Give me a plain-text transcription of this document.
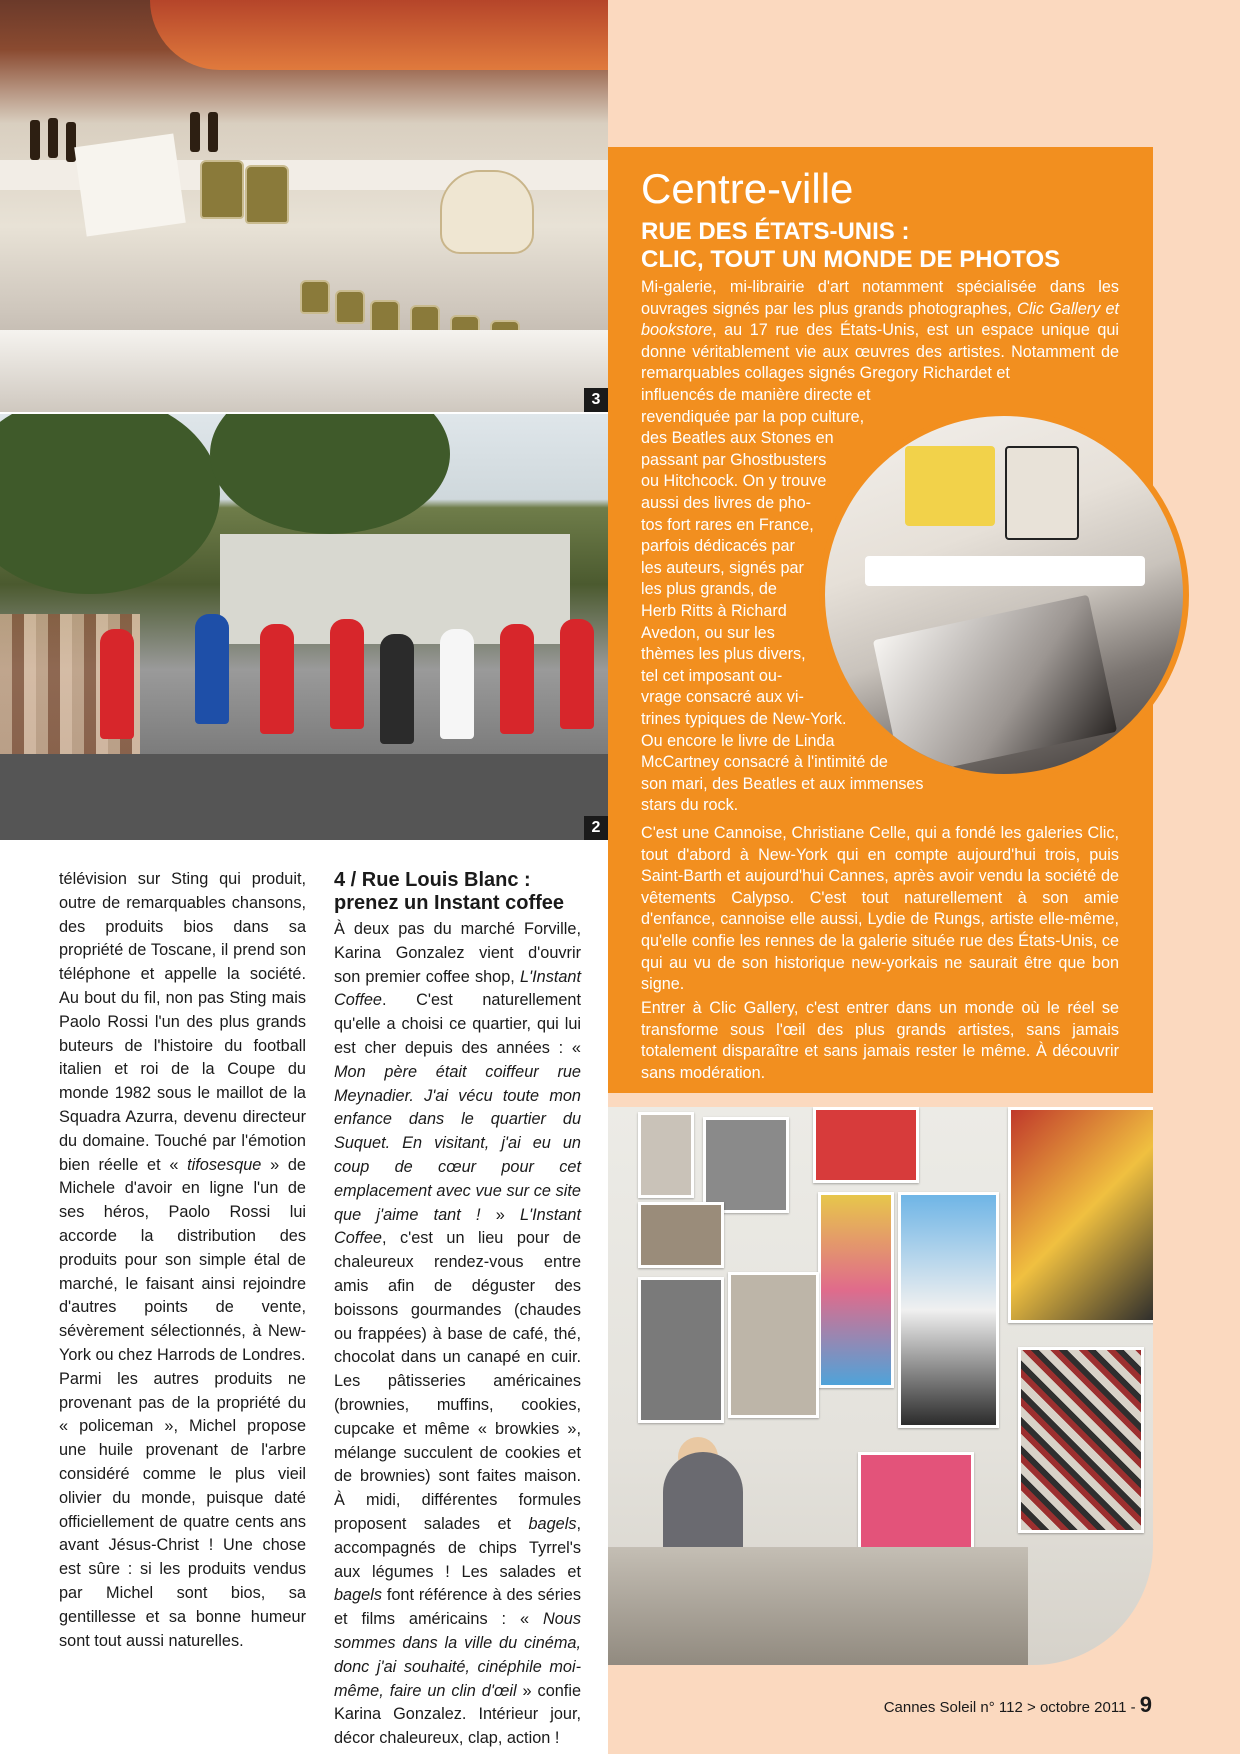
3
2
Centre-ville
RUE DES ÉTATS-UNIS :
CLIC, TOUT UN MONDE DE PHOTOS

Mi-galerie, mi-librairie d'art notamment spécialisée dans les ouvrages signés par les plus grands photographes, Clic Gallery et bookstore, au 17 rue des États-Unis, est un espace unique qui donne véritablement vie aux œuvres des artistes. Notamment de remarquables collages signés Gregory Richardet et

influencés de manière directe et
revendiquée par la pop culture,
des Beatles aux Stones en
passant par Ghostbusters
ou Hitchcock. On y trouve
aussi des livres de pho-
tos fort rares en France,
parfois dédicacés par
les auteurs, signés par
les plus grands, de
Herb Ritts à Richard
Avedon, ou sur les
thèmes les plus divers,
tel cet imposant ou-
vrage consacré aux vi-
trines typiques de New-York.
Ou encore le livre de Linda
McCartney consacré à l'intimité de
son mari, des Beatles et aux immenses
stars du rock.

C'est une Cannoise, Christiane Celle, qui a fondé les galeries Clic, tout d'abord à New-York qui en compte aujourd'hui trois, puis Saint-Barth et aujourd'hui Cannes, après avoir vendu la société de vêtements Calypso. C'est tout naturellement à son amie d'enfance, cannoise elle aussi, Lydie de Rungs, artiste elle-même, qu'elle confie les rennes de la galerie située rue des États-Unis, ce qui au vu de son historique new-yorkais ne saurait être que bon signe.

Entrer à Clic Gallery, c'est entrer dans un monde où le réel se transforme sous l'œil des plus grands artistes, sans jamais totalement disparaître et sans jamais rester le même. À découvrir sans modération.

télévision sur Sting qui produit, outre de remarquables chansons, des produits bios dans sa propriété de Toscane, il prend son téléphone et appelle la société. Au bout du fil, non pas Sting mais Paolo Rossi l'un des plus grands buteurs de l'histoire du football italien et roi de la Coupe du monde 1982 sous le maillot de la Squadra Azurra, devenu directeur du domaine. Touché par l'émotion bien réelle et « tifosesque » de Michele d'avoir en ligne l'un de ses héros, Paolo Rossi lui accorde la distribution des produits pour son simple étal de marché, le faisant ainsi rejoindre d'autres points de vente, sévèrement sélectionnés, à New-York ou chez Harrods de Londres.

Parmi les autres produits ne provenant pas de la propriété du « policeman », Michel propose une huile provenant de l'arbre considéré comme le plus vieil olivier du monde, puisque daté officiellement de quatre cents ans avant Jésus-Christ ! Une chose est sûre : si les produits vendus par Michel sont bios, sa gentillesse et sa bonne humeur sont tout aussi naturelles.

4 / Rue Louis Blanc :
prenez un Instant coffee

À deux pas du marché Forville, Karina Gonzalez vient d'ouvrir son premier coffee shop, L'Instant Coffee. C'est naturellement qu'elle a choisi ce quartier, qui lui est cher depuis des années : « Mon père était coiffeur rue Meynadier. J'ai vécu toute mon enfance dans le quartier du Suquet. En visitant, j'ai eu un coup de cœur pour cet emplacement avec vue sur ce site que j'aime tant ! » L'Instant Coffee, c'est un lieu pour de chaleureux rendez-vous entre amis afin de déguster des boissons gourmandes (chaudes ou frappées) à base de café, thé, chocolat dans un canapé en cuir. Les pâtisseries américaines (brownies, muffins, cookies, cupcake et même « browkies », mélange succulent de cookies et de brownies) sont faites maison. À midi, différentes formules proposent salades et bagels, accompagnés de chips Tyrrel's aux légumes ! Les salades et bagels font référence à des séries et films américains : « Nous sommes dans la ville du cinéma, donc j'ai souhaité, cinéphile moi-même, faire un clin d'œil » confie Karina Gonzalez. Intérieur jour, décor chaleureux, clap, action !

Cannes Soleil n° 112 > octobre 2011 - 9
